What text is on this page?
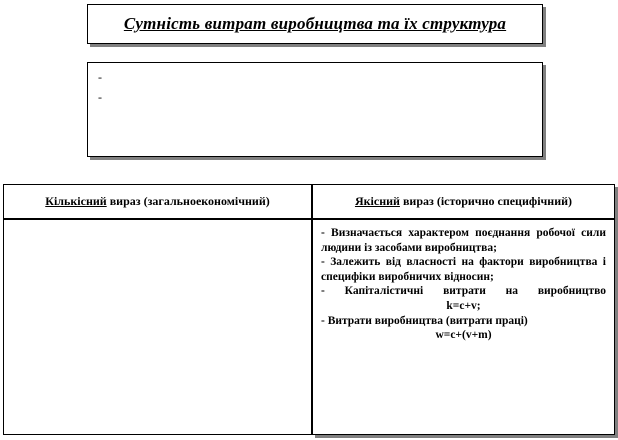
Сутність витрат виробництва та їх структура
-
-
Кількісний вираз (загальноекономічний)	Якісний вираз (історично специфічний)

- Визначається характером поєднання робочої сили людини із засобами виробництва;

- Залежить від власності на фактори виробництва і специфіки виробничих відносин;

- Капіталістичні витрати на виробництво

k=c+v;

- Витрати виробництва (витрати праці)

w=c+(v+m)
